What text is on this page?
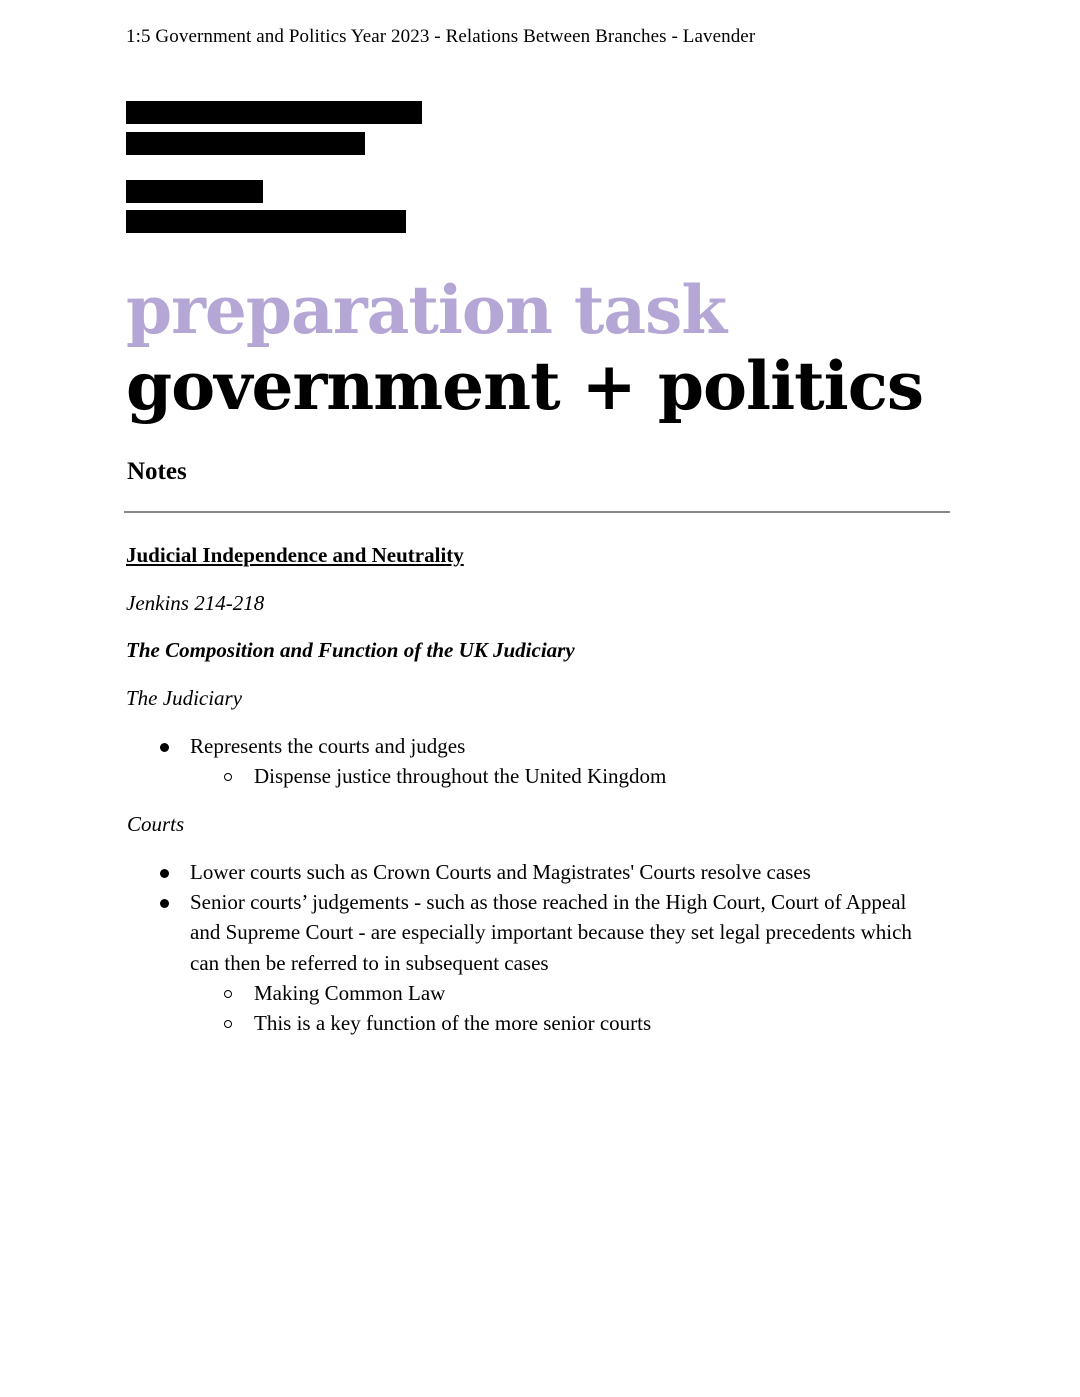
1:5 Government and Politics Year 2023 - Relations Between Branches - Lavender
preparation task
government + politics
Notes
Judicial Independence and Neutrality
Jenkins 214-218
The Composition and Function of the UK Judiciary
The Judiciary
Represents the courts and judges
Dispense justice throughout the United Kingdom
Courts
Lower courts such as Crown Courts and Magistrates' Courts resolve cases
Senior courts’ judgements - such as those reached in the High Court, Court of Appeal
and Supreme Court - are especially important because they set legal precedents which
can then be referred to in subsequent cases
Making Common Law
This is a key function of the more senior courts
